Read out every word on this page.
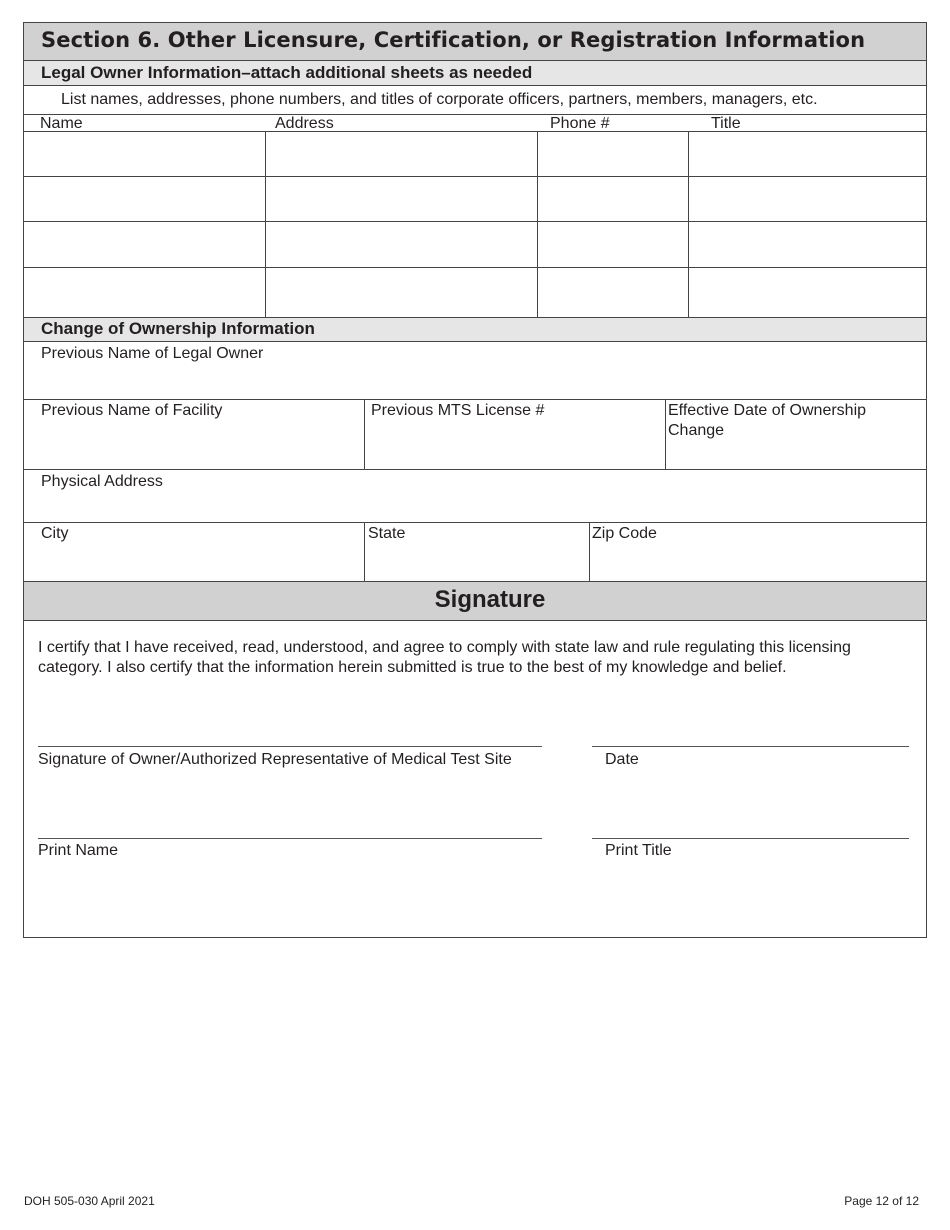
Section 6. Other Licensure, Certification, or Registration Information
Legal Owner Information–attach additional sheets as needed
List names, addresses, phone numbers, and titles of corporate officers, partners, members, managers, etc.
Name	Address	Phone #	Title
Change of Ownership Information
Previous Name of Legal Owner
Previous Name of Facility	Previous MTS License #	Effective Date of Ownership Change
Physical Address
City	State	Zip Code
Signature
I certify that I have received, read, understood, and agree to comply with state law and rule regulating this licensing category. I also certify that the information herein submitted is true to the best of my knowledge and belief.
Signature of Owner/Authorized Representative of Medical Test Site	Date
Print Name	Print Title
DOH 505-030 April 2021	Page 12 of 12
